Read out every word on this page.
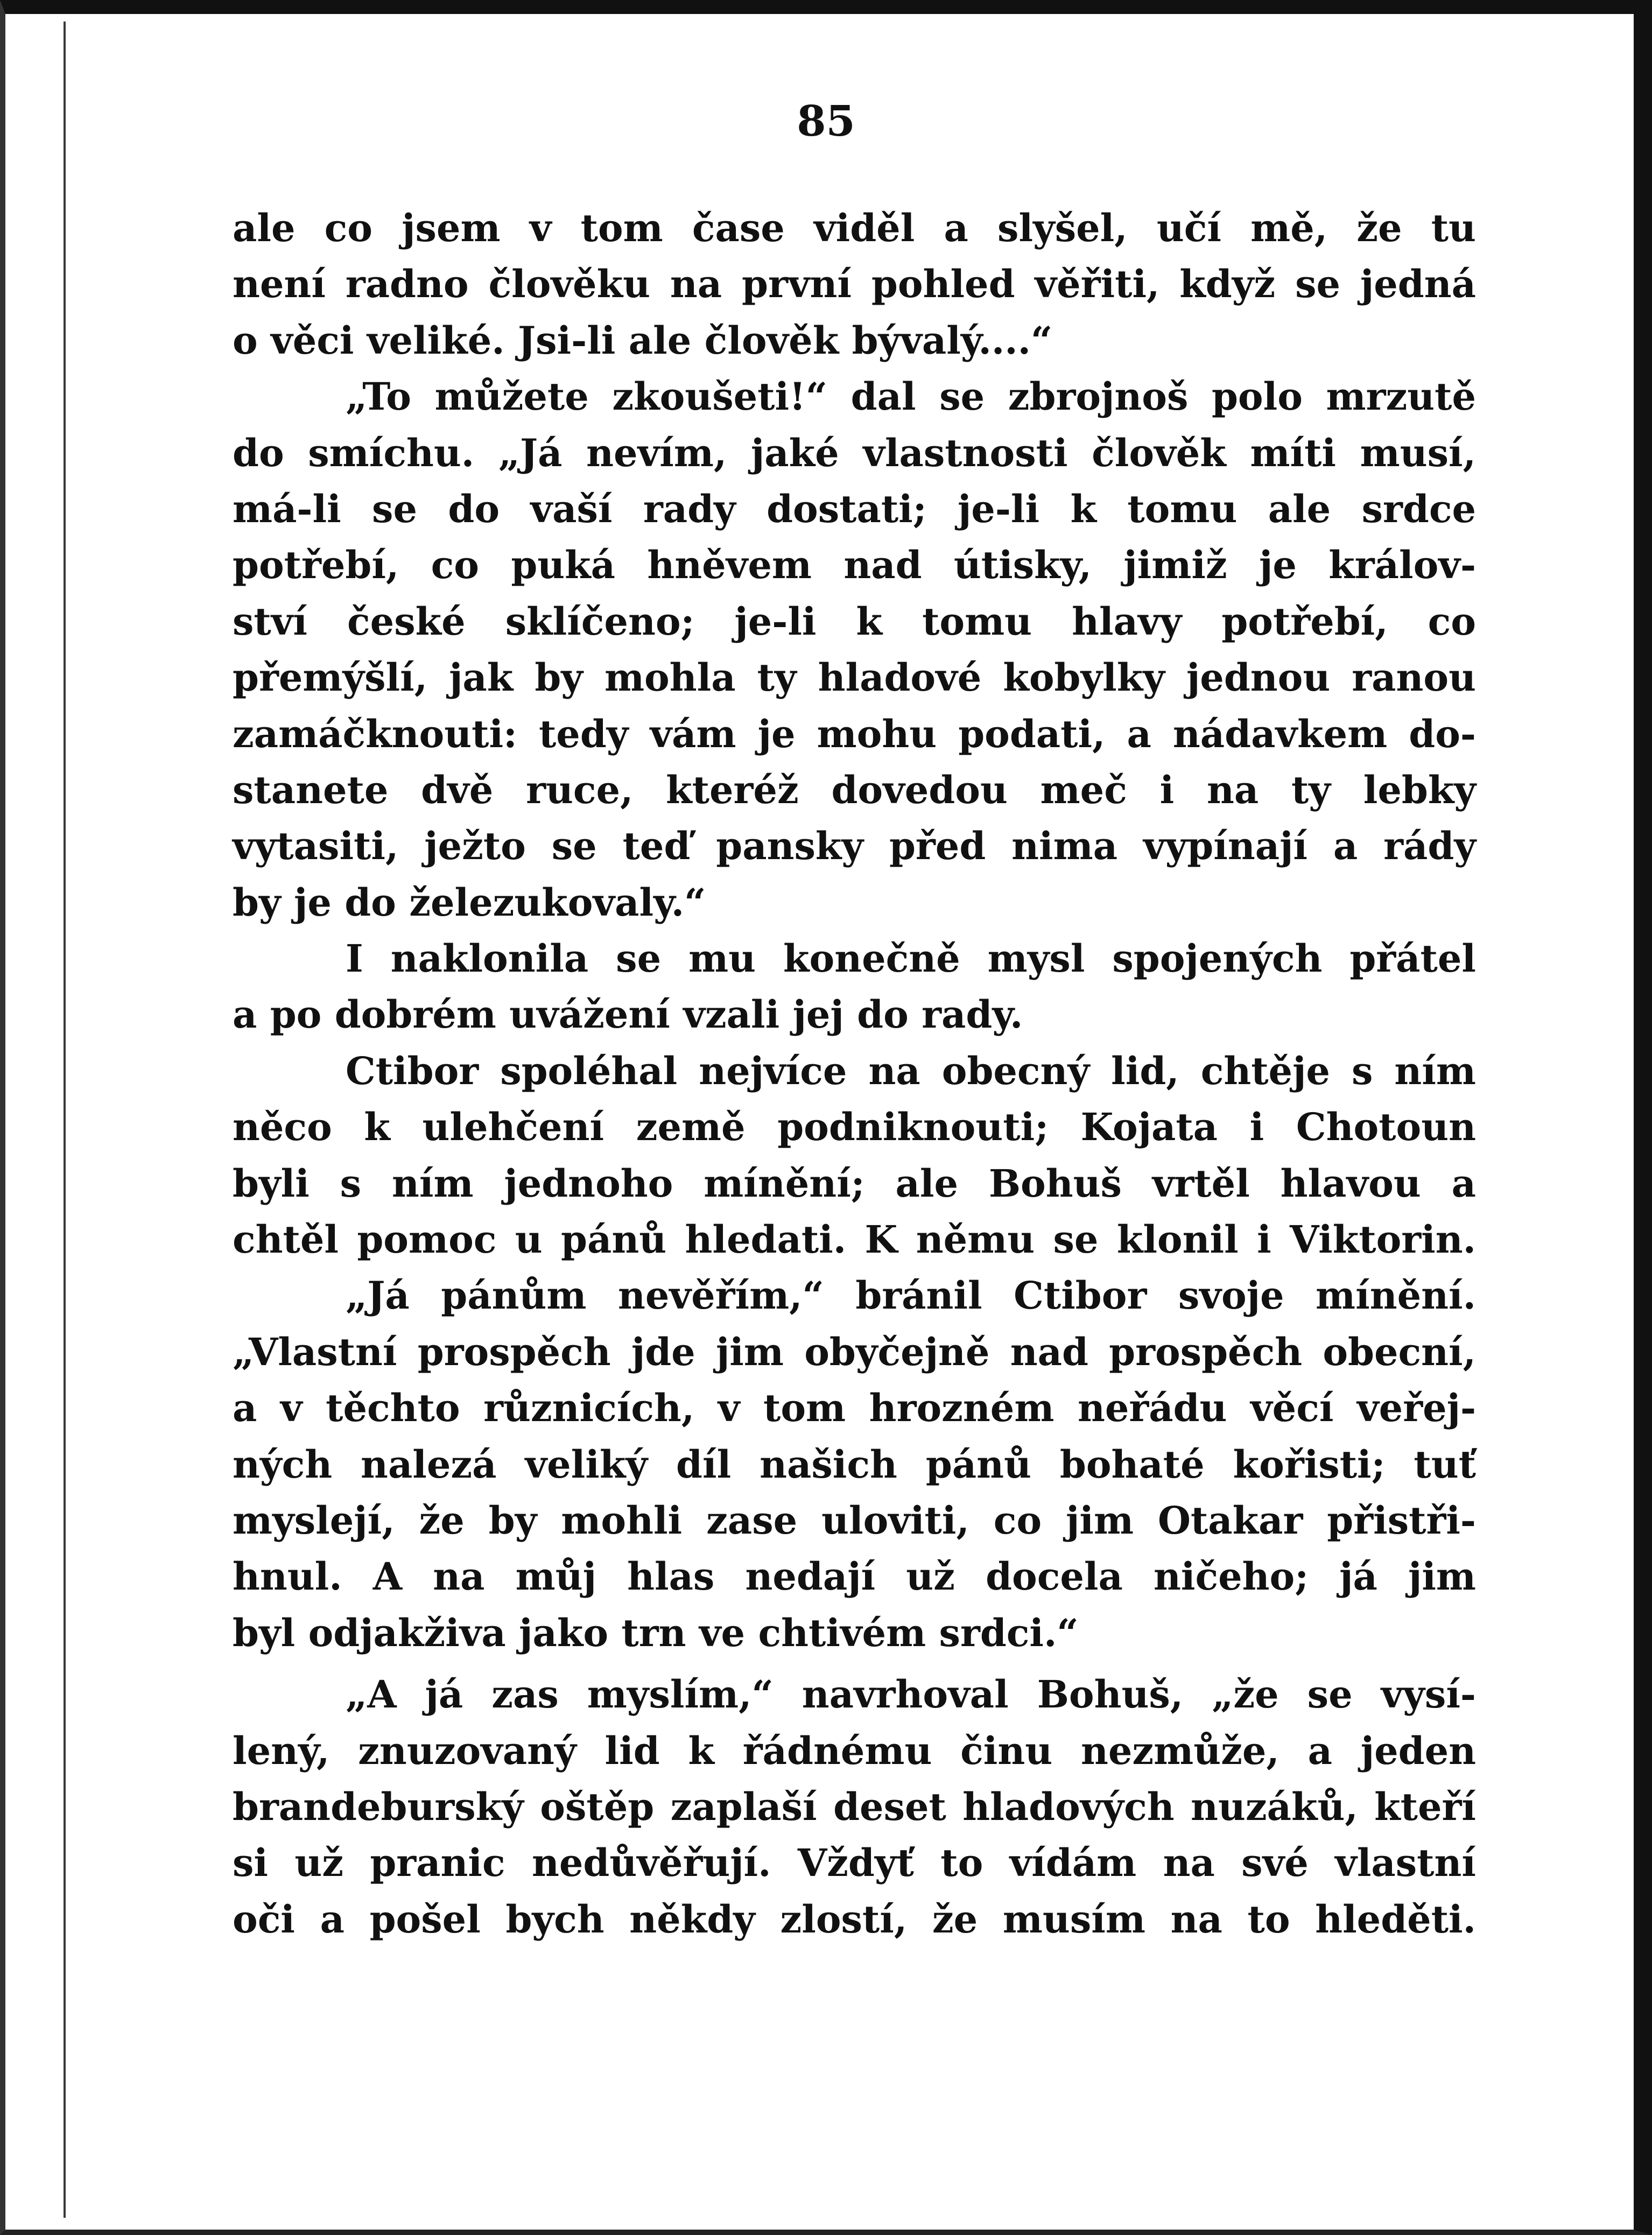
85
ale co jsem v tom čase viděl a slyšel, učí mě, že tu
není radno člověku na první pohled věřiti, když se jedná
o věci veliké. Jsi-li ale člověk bývalý....“
„To můžete zkoušeti!“ dal se zbrojnoš polo mrzutě
do smíchu. „Já nevím, jaké vlastnosti člověk míti musí,
má-li se do vaší rady dostati; je-li k tomu ale srdce
potřebí, co puká hněvem nad útisky, jimiž je králov-
ství české sklíčeno; je-li k tomu hlavy potřebí, co
přemýšlí, jak by mohla ty hladové kobylky jednou ranou
zamáčknouti: tedy vám je mohu podati, a nádavkem do-
stanete dvě ruce, kteréž dovedou meč i na ty lebky
vytasiti, ježto se teď pansky před nima vypínají a rády
by je do železukovaly.“
I naklonila se mu konečně mysl spojených přátel
a po dobrém uvážení vzali jej do rady.
Ctibor spoléhal nejvíce na obecný lid, chtěje s ním
něco k ulehčení země podniknouti; Kojata i Chotoun
byli s ním jednoho mínění; ale Bohuš vrtěl hlavou a
chtěl pomoc u pánů hledati. K němu se klonil i Viktorin.
„Já pánům nevěřím,“ bránil Ctibor svoje mínění.
„Vlastní prospěch jde jim obyčejně nad prospěch obecní,
a v těchto různicích, v tom hrozném neřádu věcí veřej-
ných nalezá veliký díl našich pánů bohaté kořisti; tuť
myslejí, že by mohli zase uloviti, co jim Otakar přistři-
hnul. A na můj hlas nedají už docela ničeho; já jim
byl odjakživa jako trn ve chtivém srdci.“
„A já zas myslím,“ navrhoval Bohuš, „že se vysí-
lený, znuzovaný lid k řádnému činu nezmůže, a jeden
brandeburský oštěp zaplaší deset hladových nuzáků, kteří
si už pranic nedůvěřují. Vždyť to vídám na své vlastní
oči a pošel bych někdy zlostí, že musím na to hleděti.
